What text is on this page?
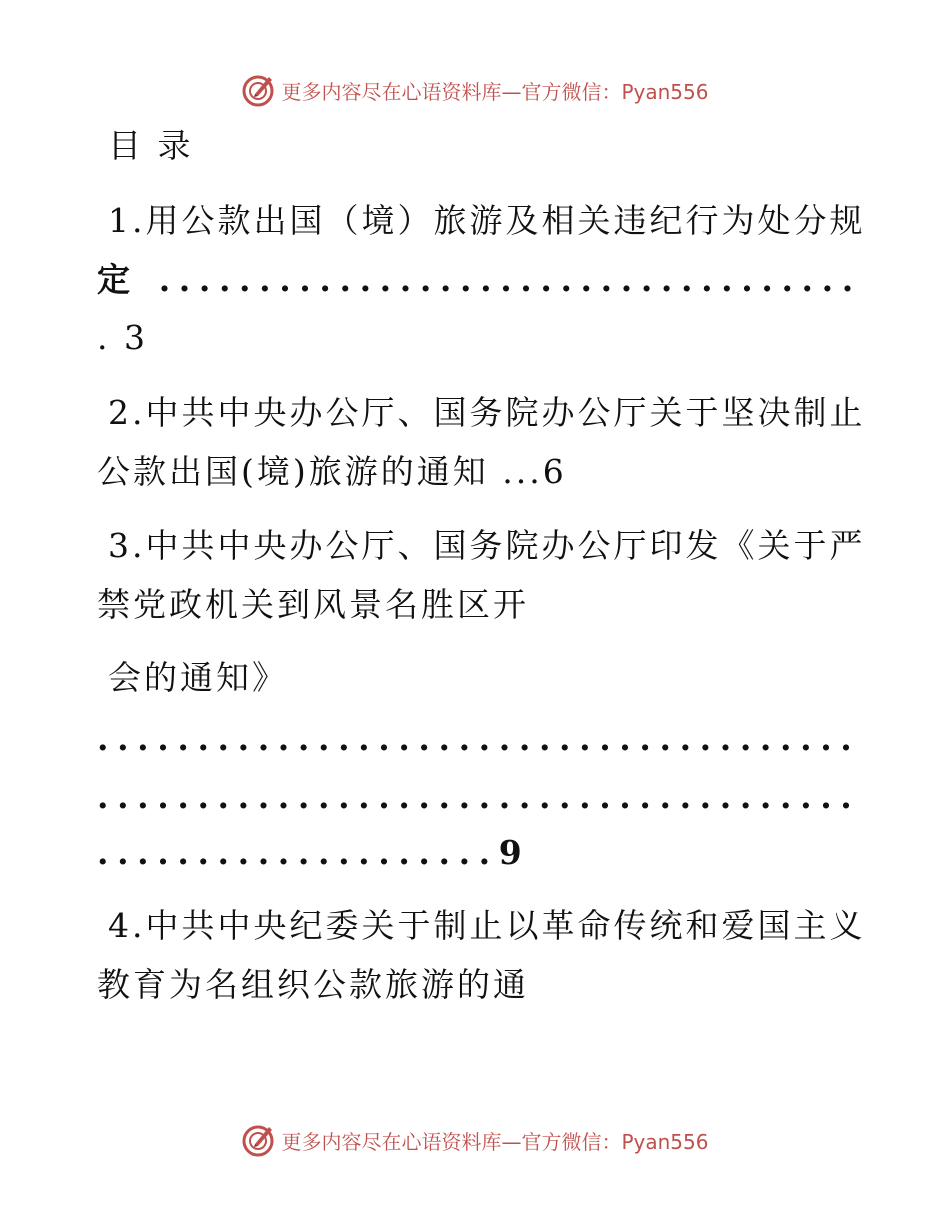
更多内容尽在心语资料库—官方微信：Pyan556
目 录
1.用公款出国（境）旅游及相关违纪行为处分规
定 ...................................
. 3
2.中共中央办公厅、国务院办公厅关于坚决制止
公款出国(境)旅游的通知 ...6
3.中共中央办公厅、国务院办公厅印发《关于严
禁党政机关到风景名胜区开
会的通知》
......................................
......................................
....................9
4.中共中央纪委关于制止以革命传统和爱国主义
教育为名组织公款旅游的通
更多内容尽在心语资料库—官方微信：Pyan556
